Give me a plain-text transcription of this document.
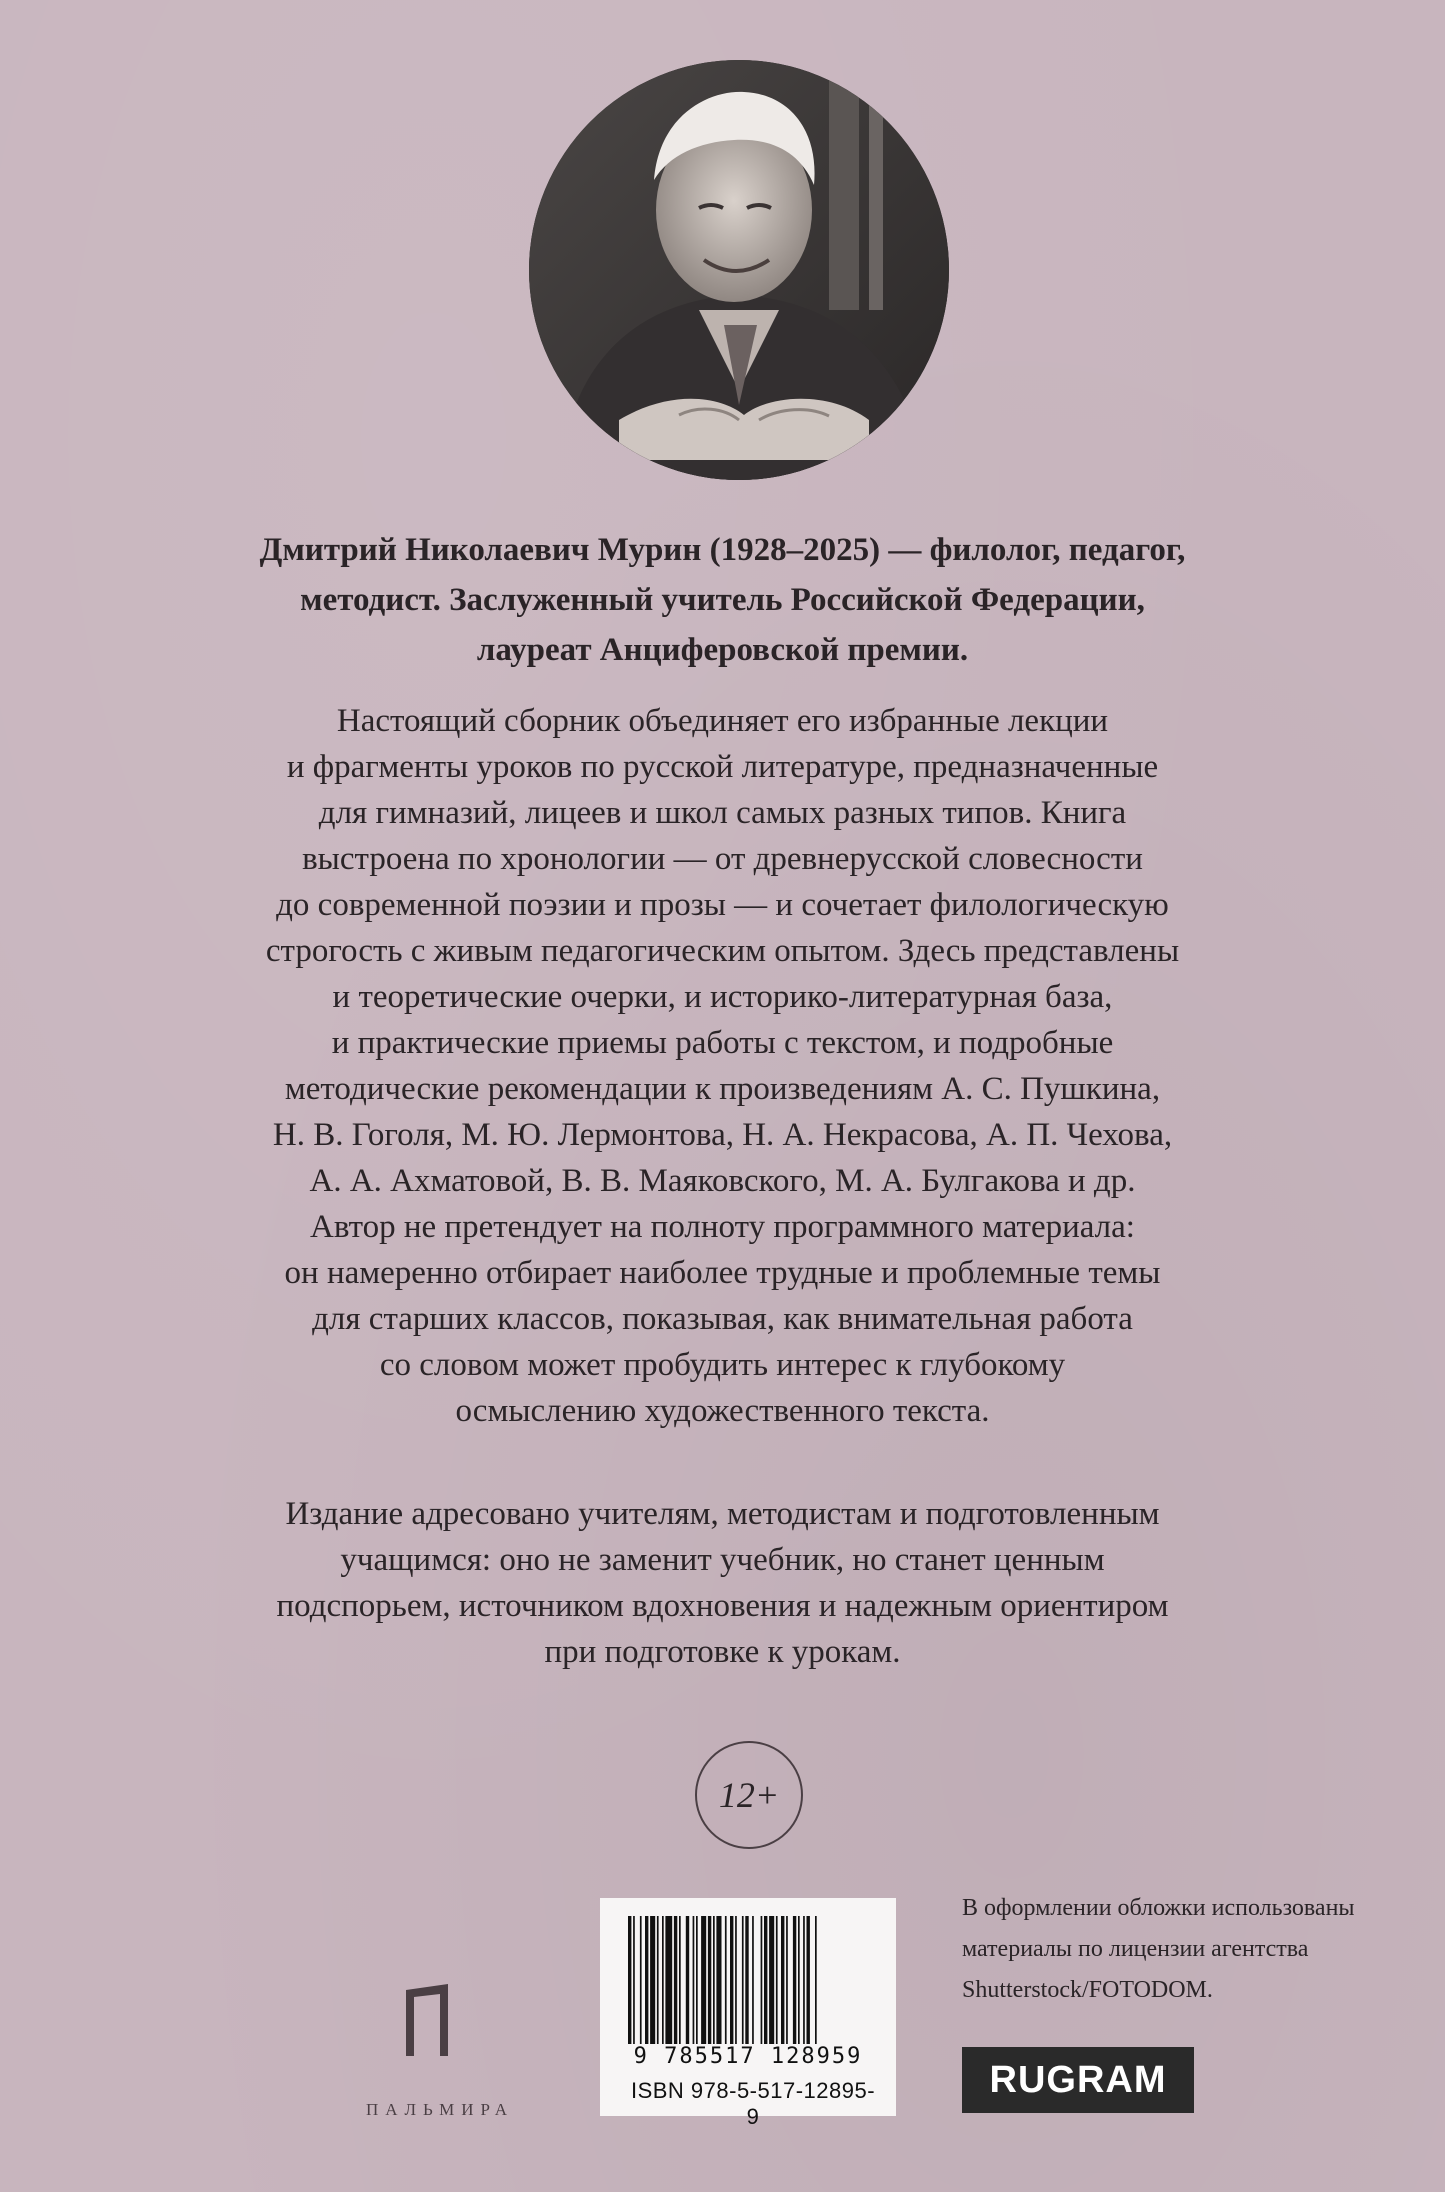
Дмитрий Николаевич Мурин (1928–2025) — филолог, педагог,
методист. Заслуженный учитель Российской Федерации,
лауреат Анциферовской премии.
Настоящий сборник объединяет его избранные лекции
и фрагменты уроков по русской литературе, предназначенные
для гимназий, лицеев и школ самых разных типов. Книга
выстроена по хронологии — от древнерусской словесности
до современной поэзии и прозы — и сочетает филологическую
строгость с живым педагогическим опытом. Здесь представлены
и теоретические очерки, и историко-литературная база,
и практические приемы работы с текстом, и подробные
методические рекомендации к произведениям А. С. Пушкина,
Н. В. Гоголя, М. Ю. Лермонтова, Н. А. Некрасова, А. П. Чехова,
А. А. Ахматовой, В. В. Маяковского, М. А. Булгакова и др.
Автор не претендует на полноту программного материала:
он намеренно отбирает наиболее трудные и проблемные темы
для старших классов, показывая, как внимательная работа
со словом может пробудить интерес к глубокому
осмыслению художественного текста.
Издание адресовано учителям, методистам и подготовленным
учащимся: оно не заменит учебник, но станет ценным
подспорьем, источником вдохновения и надежным ориентиром
при подготовке к урокам.
12+
ПАЛЬМИРА
9 785517 128959
ISBN 978-5-517-12895-9
В оформлении обложки использованы
материалы по лицензии агентства
Shutterstock/FOTODOM.
RUGRAM
